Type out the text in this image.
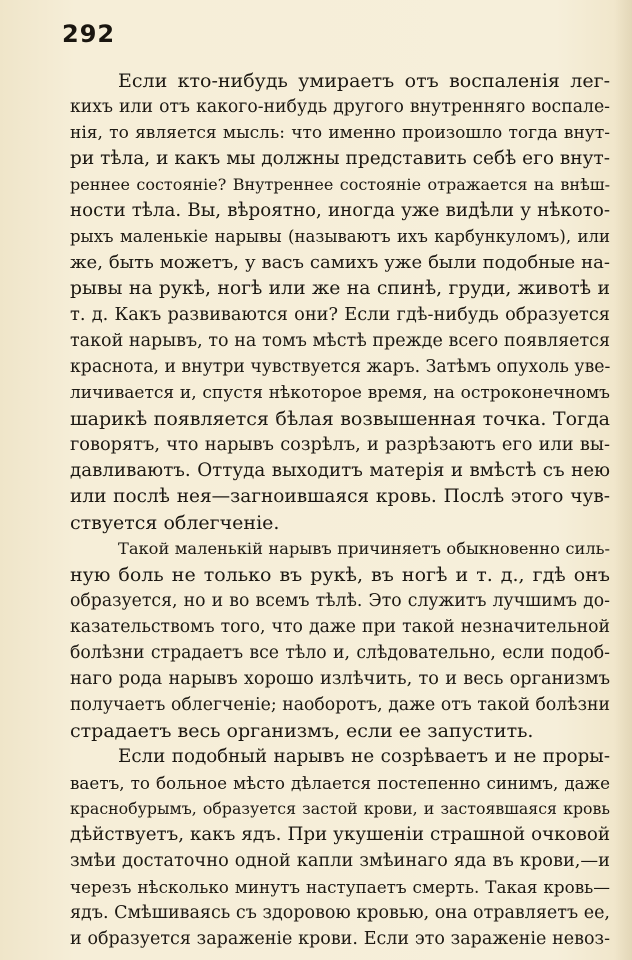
292
Если кто-нибудь умираетъ отъ воспаленія лег-
кихъ или отъ какого-нибудь другого внутренняго воспале-
нія, то является мысль: что именно произошло тогда внут-
ри тѣла, и какъ мы должны представить себѣ его внут-
реннее состояніе? Внутреннее состояніе отражается на внѣш-
ности тѣла. Вы, вѣроятно, иногда уже видѣли у нѣкото-
рыхъ маленькіе нарывы (называютъ ихъ карбункуломъ), или
же, быть можетъ, у васъ самихъ уже были подобные на-
рывы на рукѣ, ногѣ или же на спинѣ, груди, животѣ и
т. д. Какъ развиваются они? Если гдѣ-нибудь образуется
такой нарывъ, то на томъ мѣстѣ прежде всего появляется
краснота, и внутри чувствуется жаръ. Затѣмъ опухоль уве-
личивается и, спустя нѣкоторое время, на остроконечномъ
шарикѣ появляется бѣлая возвышенная точка. Тогда
говорятъ, что нарывъ созрѣлъ, и разрѣзаютъ его или вы-
давливаютъ. Оттуда выходитъ матерія и вмѣстѣ съ нею
или послѣ нея—загноившаяся кровь. Послѣ этого чув-
ствуется облегченіе.
Такой маленькій нарывъ причиняетъ обыкновенно силь-
ную боль не только въ рукѣ, въ ногѣ и т. д., гдѣ онъ
образуется, но и во всемъ тѣлѣ. Это служитъ лучшимъ до-
казательствомъ того, что даже при такой незначительной
болѣзни страдаетъ все тѣло и, слѣдовательно, если подоб-
наго рода нарывъ хорошо излѣчить, то и весь организмъ
получаетъ облегченіе; наоборотъ, даже отъ такой болѣзни
страдаетъ весь организмъ, если ее запустить.
Если подобный нарывъ не созрѣваетъ и не проры-
ваетъ, то больное мѣсто дѣлается постепенно синимъ, даже
краснобурымъ, образуется застой крови, и застоявшаяся кровь
дѣйствуетъ, какъ ядъ. При укушеніи страшной очковой
змѣи достаточно одной капли змѣинаго яда въ крови,—и
черезъ нѣсколько минутъ наступаетъ смерть. Такая кровь—
ядъ. Смѣшиваясь съ здоровою кровью, она отравляетъ ее,
и образуется зараженіе крови. Если это зараженіе невоз-
